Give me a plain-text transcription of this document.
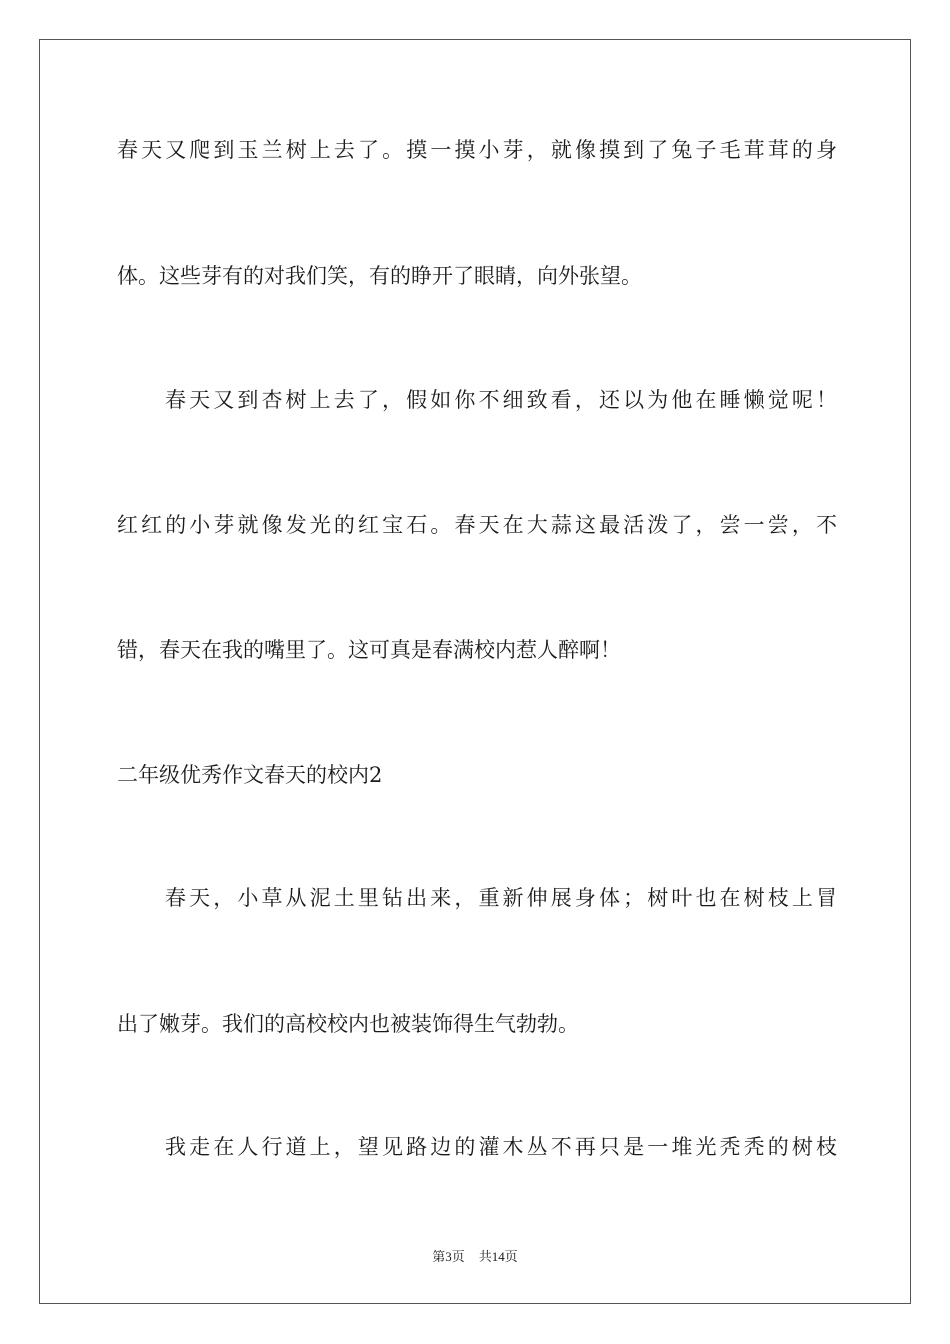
春天又爬到玉兰树上去了。摸一摸小芽，就像摸到了兔子毛茸茸的身
体。这些芽有的对我们笑，有的睁开了眼睛，向外张望。
春天又到杏树上去了，假如你不细致看，还以为他在睡懒觉呢！
红红的小芽就像发光的红宝石。春天在大蒜这最活泼了，尝一尝，不
错，春天在我的嘴里了。这可真是春满校内惹人醉啊！
二年级优秀作文春天的校内2
春天，小草从泥土里钻出来，重新伸展身体；树叶也在树枝上冒
出了嫩芽。我们的高校校内也被装饰得生气勃勃。
我走在人行道上，望见路边的灌木丛不再只是一堆光秃秃的树枝
第3页 共14页
